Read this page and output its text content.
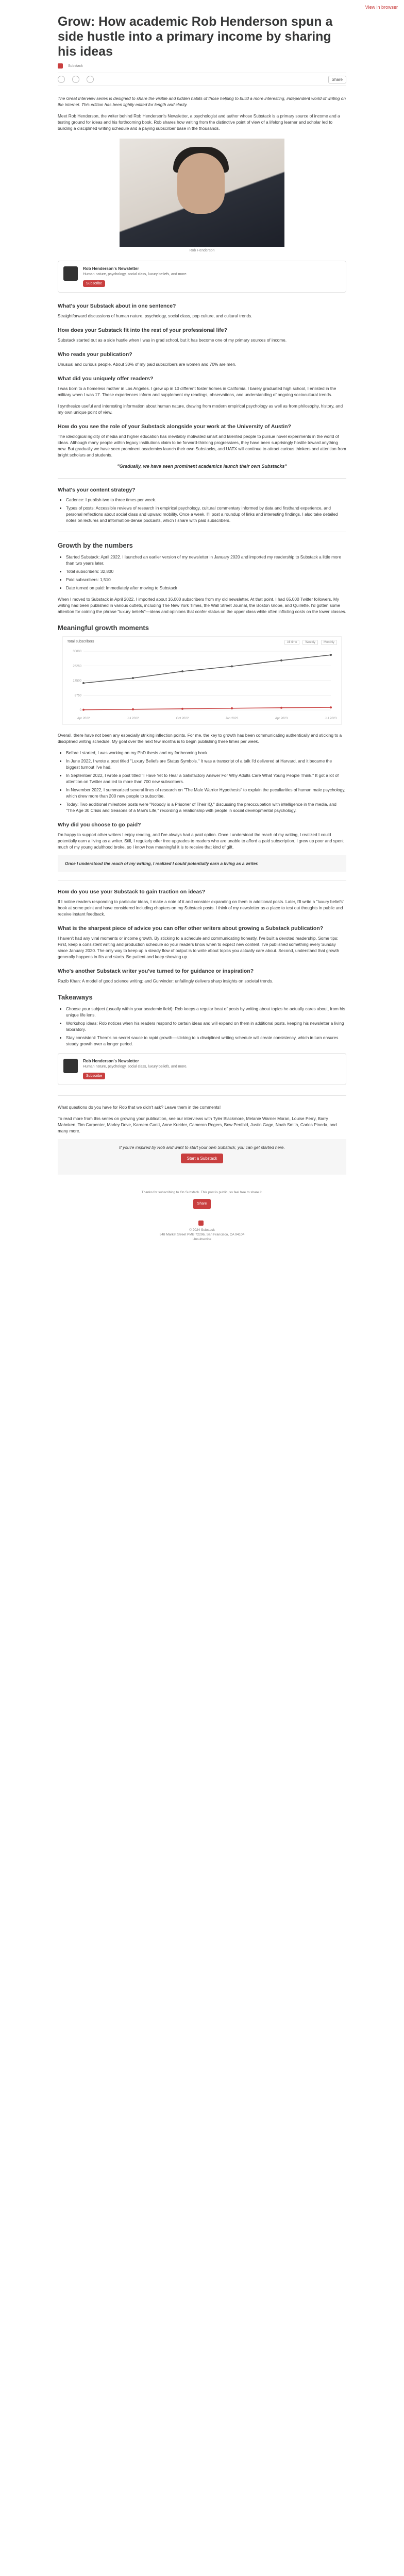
View in browser
Grow: How academic Rob Henderson spun a side hustle into a primary income by sharing his ideas
Substack
Share

The Great Interview series is designed to share the visible and hidden habits of those helping to build a more interesting, independent world of writing on the internet. This edition has been lightly edited for length and clarity.

Meet Rob Henderson, the writer behind Rob Henderson's Newsletter, a psychologist and author whose Substack is a primary source of income and a testing ground for ideas and his forthcoming book. Rob shares how writing from the distinctive point of view of a lifelong learner and scholar led to building a disciplined writing schedule and a paying subscriber base in the thousands.

Rob Henderson
Rob Henderson's Newsletter
Human nature, psychology, social class, luxury beliefs, and more.
Subscribe
What's your Substack about in one sentence?

Straightforward discussions of human nature, psychology, social class, pop culture, and cultural trends.

How does your Substack fit into the rest of your professional life?

Substack started out as a side hustle when I was in grad school, but it has become one of my primary sources of income.

Who reads your publication?

Unusual and curious people. About 30% of my paid subscribers are women and 70% are men.

What did you uniquely offer readers?

I was born to a homeless mother in Los Angeles. I grew up in 10 different foster homes in California. I barely graduated high school, I enlisted in the military when I was 17. These experiences inform and supplement my readings, observations, and understanding of ongoing sociocultural trends.

I synthesize useful and interesting information about human nature, drawing from modern empirical psychology as well as from philosophy, history, and my own unique point of view.

How do you see the role of your Substack alongside your work at the University of Austin?

The ideological rigidity of media and higher education has inevitably motivated smart and talented people to pursue novel experiments in the world of ideas. Although many people within legacy institutions claim to be forward-thinking progressives, they have been surprisingly hostile toward anything new. But gradually we have seen prominent academics launch their own Substacks, and UATX will continue to attract curious thinkers and attention from bright scholars and students.

"Gradually, we have seen prominent academics launch their own Substacks"
What's your content strategy?
• Cadence: I publish two to three times per week.
• Types of posts: Accessible reviews of research in empirical psychology, cultural commentary informed by data and firsthand experience, and personal reflections about social class and upward mobility. Once a week, I'll post a roundup of links and interesting findings. I also take detailed notes on lectures and information-dense podcasts, which I share with paid subscribers.
Growth by the numbers
• Started Substack: April 2022. I launched an earlier version of my newsletter in January 2020 and imported my readership to Substack a little more than two years later.
• Total subscribers: 32,800
• Paid subscribers: 1,510
• Date turned on paid: Immediately after moving to Substack

When I moved to Substack in April 2022, I imported about 16,000 subscribers from my old newsletter. At that point, I had 65,000 Twitter followers. My writing had been published in various outlets, including The New York Times, the Wall Street Journal, the Boston Globe, and Quillette. I'd gotten some attention for coining the phrase "luxury beliefs"—ideas and opinions that confer status on the upper class while often inflicting costs on the lower classes.

Meaningful growth moments
Total subscribers	All time	Weekly	Monthly
0
8750
17500
26250
35000
Apr 2022	Jul 2022	Oct 2022	Jan 2023	Apr 2023	Jul 2023

Overall, there have not been any especially striking inflection points. For me, the key to growth has been communicating authentically and sticking to a disciplined writing schedule. My goal over the next few months is to begin publishing three times per week.

• Before I started, I was working on my PhD thesis and my forthcoming book.
• In June 2022, I wrote a post titled "Luxury Beliefs are Status Symbols." It was a transcript of a talk I'd delivered at Harvard, and it became the biggest turnout I've had.
• In September 2022, I wrote a post titled "I Have Yet to Hear a Satisfactory Answer For Why Adults Care What Young People Think." It got a lot of attention on Twitter and led to more than 700 new subscribers.
• In November 2022, I summarized several lines of research on "The Male Warrior Hypothesis" to explain the peculiarities of human male psychology, which drew more than 200 new people to subscribe.
• Today: Two additional milestone posts were "Nobody is a Prisoner of Their IQ," discussing the preoccupation with intelligence in the media, and "The Age 30 Crisis and Seasons of a Man's Life," recording a relationship with people in social developmental psychology.
Why did you choose to go paid?

I'm happy to support other writers I enjoy reading, and I've always had a paid option. Once I understood the reach of my writing, I realized I could potentially earn a living as a writer. Still, I regularly offer free upgrades to readers who are unable to afford a paid subscription. I grew up poor and spent much of my young adulthood broke, so I know how meaningful it is to receive that kind of gift.

Once I understood the reach of my writing, I realized I could potentially earn a living as a writer.

How do you use your Substack to gain traction on ideas?

If I notice readers responding to particular ideas, I make a note of it and consider expanding on them in additional posts. Later, I'll write a "luxury beliefs" book at some point and have considered including chapters on my Substack posts. I think of my newsletter as a place to test out thoughts in public and receive instant feedback.

What is the sharpest piece of advice you can offer other writers about growing a Substack publication?

I haven't had any viral moments or income growth. By sticking to a schedule and communicating honestly, I've built a devoted readership. Some tips: First, keep a consistent writing and production schedule so your readers know when to expect new content. I've published something every Sunday since January 2020. The only way to keep up a steady flow of output is to write about topics you actually care about. Second, understand that growth generally happens in fits and starts. Be patient and keep showing up.

Who's another Substack writer you've turned to for guidance or inspiration?

Razib Khan: A model of good science writing; and Gurwinder: unfailingly delivers sharp insights on societal trends.

Takeaways
• Choose your subject (usually within your academic field): Rob keeps a regular beat of posts by writing about topics he actually cares about, from his unique life lens.
• Workshop ideas: Rob notices when his readers respond to certain ideas and will expand on them in additional posts, keeping his newsletter a living laboratory.
• Stay consistent: There's no secret sauce to rapid growth—sticking to a disciplined writing schedule will create consistency, which in turn ensures steady growth over a longer period.
Rob Henderson's Newsletter
Human nature, psychology, social class, luxury beliefs, and more.
Subscribe

What questions do you have for Rob that we didn't ask? Leave them in the comments!

To read more from this series on growing your publication, see our interviews with Tyler Blackmore, Melanie Warner Moran, Louise Perry, Barry Mahnken, Tim Carpenter, Marley Dove, Kareem Gantt, Anne Kreider, Cameron Rogers, Bow Penfold, Justin Gage, Noah Smith, Carlos Pineda, and many more.

If you're inspired by Rob and want to start your own Substack, you can get started here.

Start a Substack
Thanks for subscribing to On Substack. This post is public, so feel free to share it.
Share
© 2024 Substack
548 Market Street PMB 72296, San Francisco, CA 94104
Unsubscribe
